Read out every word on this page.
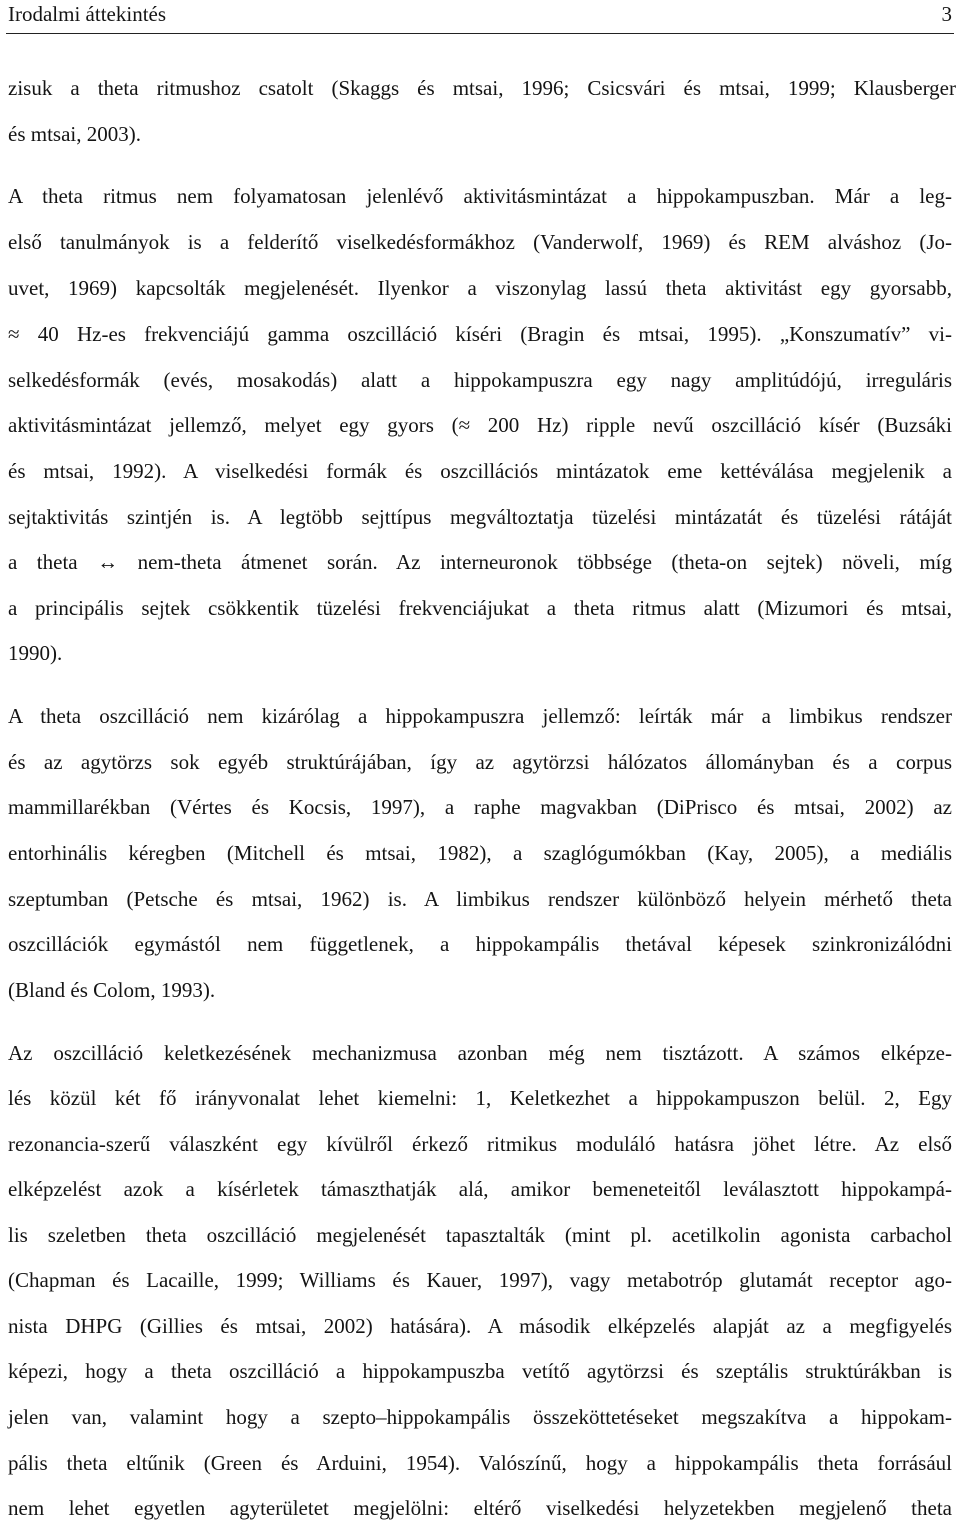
Irodalmi áttekintés	3
zisuk a theta ritmushoz csatolt (Skaggs és mtsai, 1996; Csicsvári és mtsai, 1999; Klausberger
és mtsai, 2003).
A theta ritmus nem folyamatosan jelenlévő aktivitásmintázat a hippokampuszban. Már a leg-
első tanulmányok is a felderítő viselkedésformákhoz (Vanderwolf, 1969) és REM alváshoz (Jo-
uvet, 1969) kapcsolták megjelenését. Ilyenkor a viszonylag lassú theta aktivitást egy gyorsabb,
≈ 40 Hz-es frekvenciájú gamma oszcilláció kíséri (Bragin és mtsai, 1995). „Konszumatív” vi-
selkedésformák (evés, mosakodás) alatt a hippokampuszra egy nagy amplitúdójú, irreguláris
aktivitásmintázat jellemző, melyet egy gyors (≈ 200 Hz) ripple nevű oszcilláció kísér (Buzsáki
és mtsai, 1992). A viselkedési formák és oszcillációs mintázatok eme kettéválása megjelenik a
sejtaktivitás szintjén is. A legtöbb sejttípus megváltoztatja tüzelési mintázatát és tüzelési rátáját
a theta ↔ nem-theta átmenet során. Az interneuronok többsége (theta-on sejtek) növeli, míg
a principális sejtek csökkentik tüzelési frekvenciájukat a theta ritmus alatt (Mizumori és mtsai,
1990).
A theta oszcilláció nem kizárólag a hippokampuszra jellemző: leírták már a limbikus rendszer
és az agytörzs sok egyéb struktúrájában, így az agytörzsi hálózatos állományban és a corpus
mammillarékban (Vértes és Kocsis, 1997), a raphe magvakban (DiPrisco és mtsai, 2002) az
entorhinális kéregben (Mitchell és mtsai, 1982), a szaglógumókban (Kay, 2005), a mediális
szeptumban (Petsche és mtsai, 1962) is. A limbikus rendszer különböző helyein mérhető theta
oszcillációk egymástól nem függetlenek, a hippokampális thetával képesek szinkronizálódni
(Bland és Colom, 1993).
Az oszcilláció keletkezésének mechanizmusa azonban még nem tisztázott. A számos elképze-
lés közül két fő irányvonalat lehet kiemelni: 1, Keletkezhet a hippokampuszon belül. 2, Egy
rezonancia-szerű válaszként egy kívülről érkező ritmikus moduláló hatásra jöhet létre. Az első
elképzelést azok a kísérletek támaszthatják alá, amikor bemeneteitől leválasztott hippokampá-
lis szeletben theta oszcilláció megjelenését tapasztalták (mint pl. acetilkolin agonista carbachol
(Chapman és Lacaille, 1999; Williams és Kauer, 1997), vagy metabotróp glutamát receptor ago-
nista DHPG (Gillies és mtsai, 2002) hatására). A második elképzelés alapját az a megfigyelés
képezi, hogy a theta oszcilláció a hippokampuszba vetítő agytörzsi és szeptális struktúrákban is
jelen van, valamint hogy a szepto–hippokampális összeköttetéseket megszakítva a hippokam-
pális theta eltűnik (Green és Arduini, 1954). Valószínű, hogy a hippokampális theta forrásául
nem lehet egyetlen agyterületet megjelölni: eltérő viselkedési helyzetekben megjelenő theta
